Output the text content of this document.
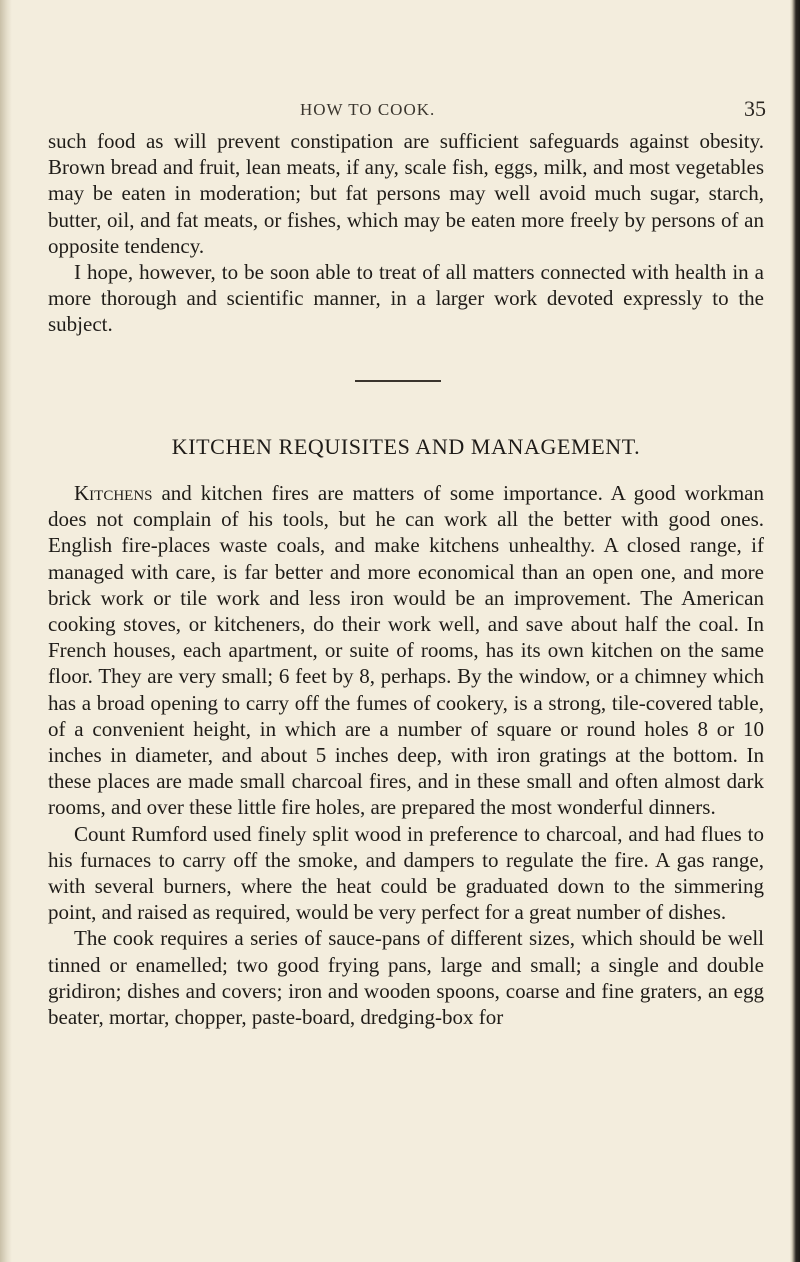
HOW TO COOK.	35

such food as will prevent constipation are sufficient safeguards against obesity. Brown bread and fruit, lean meats, if any, scale fish, eggs, milk, and most vegetables may be eaten in moderation; but fat persons may well avoid much sugar, starch, butter, oil, and fat meats, or fishes, which may be eaten more freely by persons of an opposite tendency.

I hope, however, to be soon able to treat of all matters connected with health in a more thorough and scientific manner, in a larger work devoted expressly to the subject.

KITCHEN REQUISITES AND MANAGEMENT.

Kitchens and kitchen fires are matters of some importance. A good workman does not complain of his tools, but he can work all the better with good ones. English fire-places waste coals, and make kitchens unhealthy. A closed range, if managed with care, is far better and more economical than an open one, and more brick work or tile work and less iron would be an improvement. The American cooking stoves, or kitcheners, do their work well, and save about half the coal. In French houses, each apartment, or suite of rooms, has its own kitchen on the same floor. They are very small; 6 feet by 8, perhaps. By the window, or a chimney which has a broad opening to carry off the fumes of cookery, is a strong, tile-covered table, of a convenient height, in which are a number of square or round holes 8 or 10 inches in diameter, and about 5 inches deep, with iron gratings at the bottom. In these places are made small charcoal fires, and in these small and often almost dark rooms, and over these little fire holes, are prepared the most wonderful dinners.

Count Rumford used finely split wood in preference to charcoal, and had flues to his furnaces to carry off the smoke, and dampers to regulate the fire. A gas range, with several burners, where the heat could be graduated down to the simmering point, and raised as required, would be very perfect for a great number of dishes.

The cook requires a series of sauce-pans of different sizes, which should be well tinned or enamelled; two good frying pans, large and small; a single and double gridiron; dishes and covers; iron and wooden spoons, coarse and fine graters, an egg beater, mortar, chopper, paste-board, dredging-box for
